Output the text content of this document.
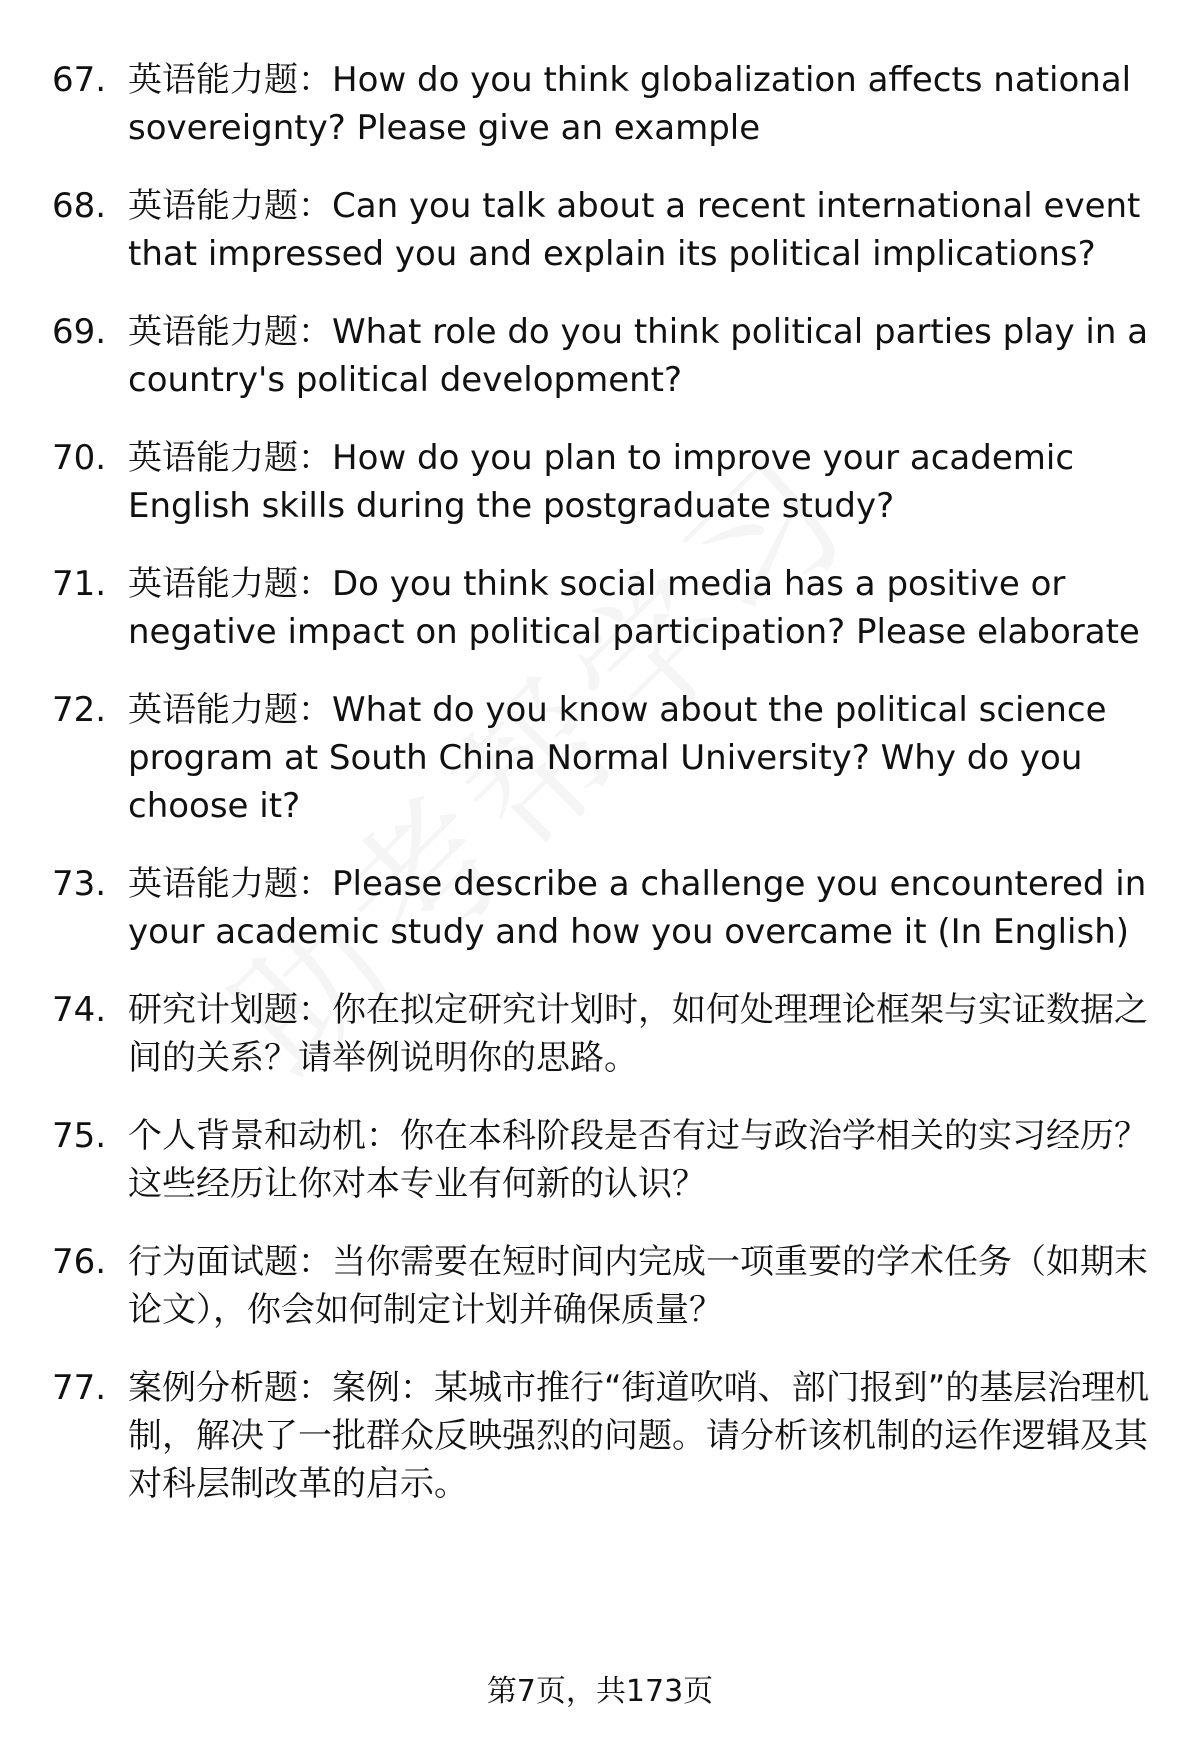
67. 英语能力题：How do you think globalization affects national sovereignty? Please give an example
68. 英语能力题：Can you talk about a recent international event that impressed you and explain its political implications?
69. 英语能力题：What role do you think political parties play in a country's political development?
70. 英语能力题：How do you plan to improve your academic English skills during the postgraduate study?
71. 英语能力题：Do you think social media has a positive or negative impact on political participation? Please elaborate
72. 英语能力题：What do you know about the political science program at South China Normal University? Why do you choose it?
73. 英语能力题：Please describe a challenge you encountered in your academic study and how you overcame it (In English)
74. 研究计划题：你在拟定研究计划时，如何处理理论框架与实证数据之间的关系？请举例说明你的思路。
75. 个人背景和动机：你在本科阶段是否有过与政治学相关的实习经历？这些经历让你对本专业有何新的认识？
76. 行为面试题：当你需要在短时间内完成一项重要的学术任务（如期末论文），你会如何制定计划并确保质量？
77. 案例分析题：案例：某城市推行“街道吹哨、部门报到”的基层治理机制，解决了一批群众反映强烈的问题。请分析该机制的运作逻辑及其对科层制改革的启示。
第7页，共173页
